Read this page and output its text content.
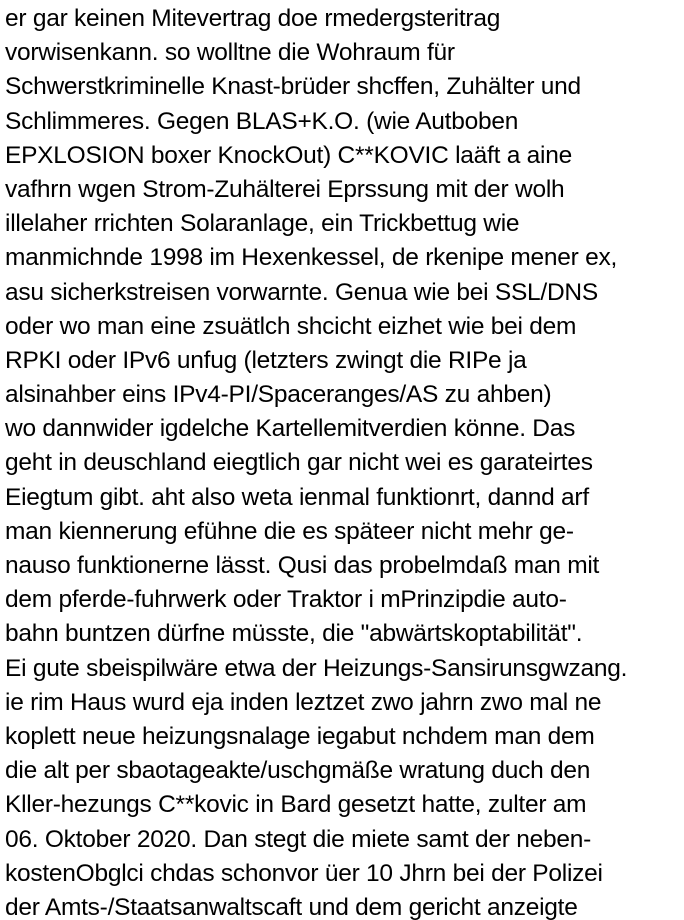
er gar keinen Mitevertrag doe rmedergsteritrag
vorwisenkann. so wolltne die Wohraum für
Schwerstkriminelle Knast-brüder shcffen, Zuhälter und
Schlimmeres. Gegen BLAS+K.O. (wie Autboben
EPXLOSION boxer KnockOut) C**KOVIC laäft a aine
vafhrn wgen Strom-Zuhälterei Eprssung mit der wolh
illelaher rrichten Solaranlage, ein Trickbettug wie
manmichnde 1998 im Hexenkessel, de rkenipe mener ex,
asu sicherkstreisen vorwarnte. Genua wie bei SSL/DNS
oder wo man eine zsuätlch shcicht eizhet wie bei dem
RPKI oder IPv6 unfug (letzters zwingt die RIPe ja
alsinahber eins IPv4-PI/Spaceranges/AS zu ahben)
wo dannwider igdelche Kartellemitverdien könne. Das
geht in deuschland eiegtlich gar nicht wei es garateirtes
Eiegtum gibt. aht also weta ienmal funktionrt, dannd arf
man kiennerung efühne die es späteer nicht mehr ge-
nauso funktionerne lässt. Qusi das probelmdaß man mit
dem pferde-fuhrwerk oder Traktor i mPrinzipdie auto-
bahn buntzen dürfne müsste, die "abwärtskoptabilität".
Ei gute sbeispilwäre etwa der Heizungs-Sansirunsgwzang.
ie rim Haus wurd eja inden leztzet zwo jahrn zwo mal ne
koplett neue heizungsnalage iegabut nchdem man dem
die alt per sbaotageakte/uschgmäße wratung duch den
Kller-hezungs C**kovic in Bard gesetzt hatte, zulter am
06. Oktober 2020. Dan stegt die miete samt der neben-
kostenObglci chdas schonvor üer 10 Jhrn bei der Polizei
der Amts-/Staatsanwaltscaft und dem gericht anzeigte
